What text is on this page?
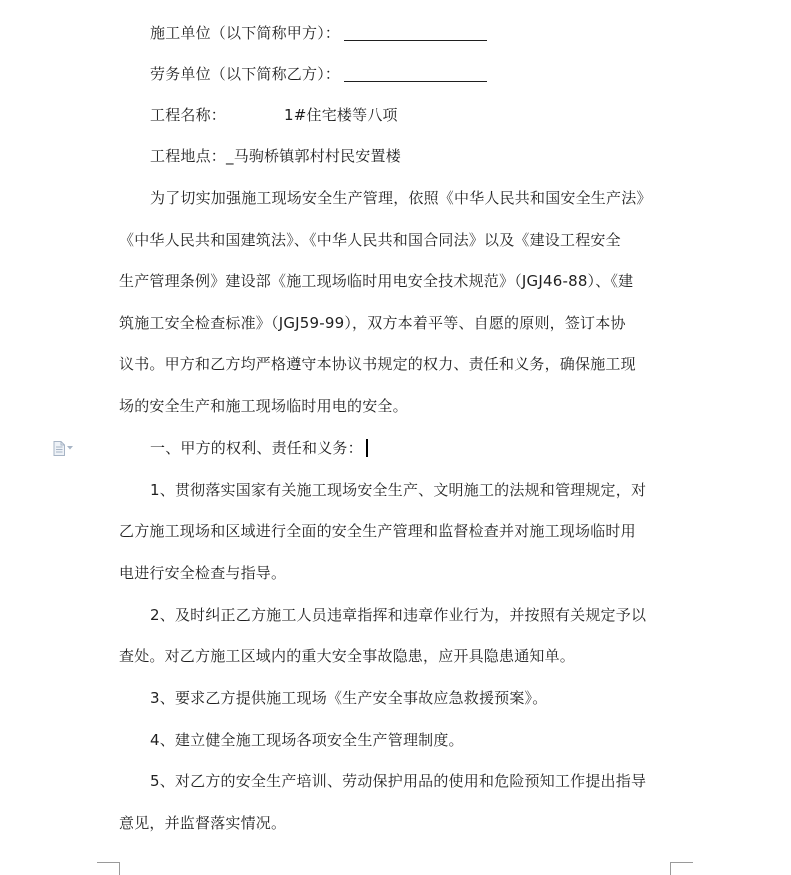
施工单位（以下简称甲方）：
劳务单位（以下简称乙方）：
工程名称：	1#住宅楼等八项
工程地点：_马驹桥镇郭村村民安置楼
为了切实加强施工现场安全生产管理，依照《中华人民共和国安全生产法》
《中华人民共和国建筑法》、《中华人民共和国合同法》以及《建设工程安全
生产管理条例》建设部《施工现场临时用电安全技术规范》（JGJ46-88）、《建
筑施工安全检查标准》（JGJ59-99），双方本着平等、自愿的原则，签订本协
议书。甲方和乙方均严格遵守本协议书规定的权力、责任和义务，确保施工现
场的安全生产和施工现场临时用电的安全。
一、甲方的权利、责任和义务：
1、贯彻落实国家有关施工现场安全生产、文明施工的法规和管理规定，对
乙方施工现场和区域进行全面的安全生产管理和监督检查并对施工现场临时用
电进行安全检查与指导。
2、及时纠正乙方施工人员违章指挥和违章作业行为，并按照有关规定予以
查处。对乙方施工区域内的重大安全事故隐患，应开具隐患通知单。
3、要求乙方提供施工现场《生产安全事故应急救援预案》。
4、建立健全施工现场各项安全生产管理制度。
5、对乙方的安全生产培训、劳动保护用品的使用和危险预知工作提出指导
意见，并监督落实情况。
